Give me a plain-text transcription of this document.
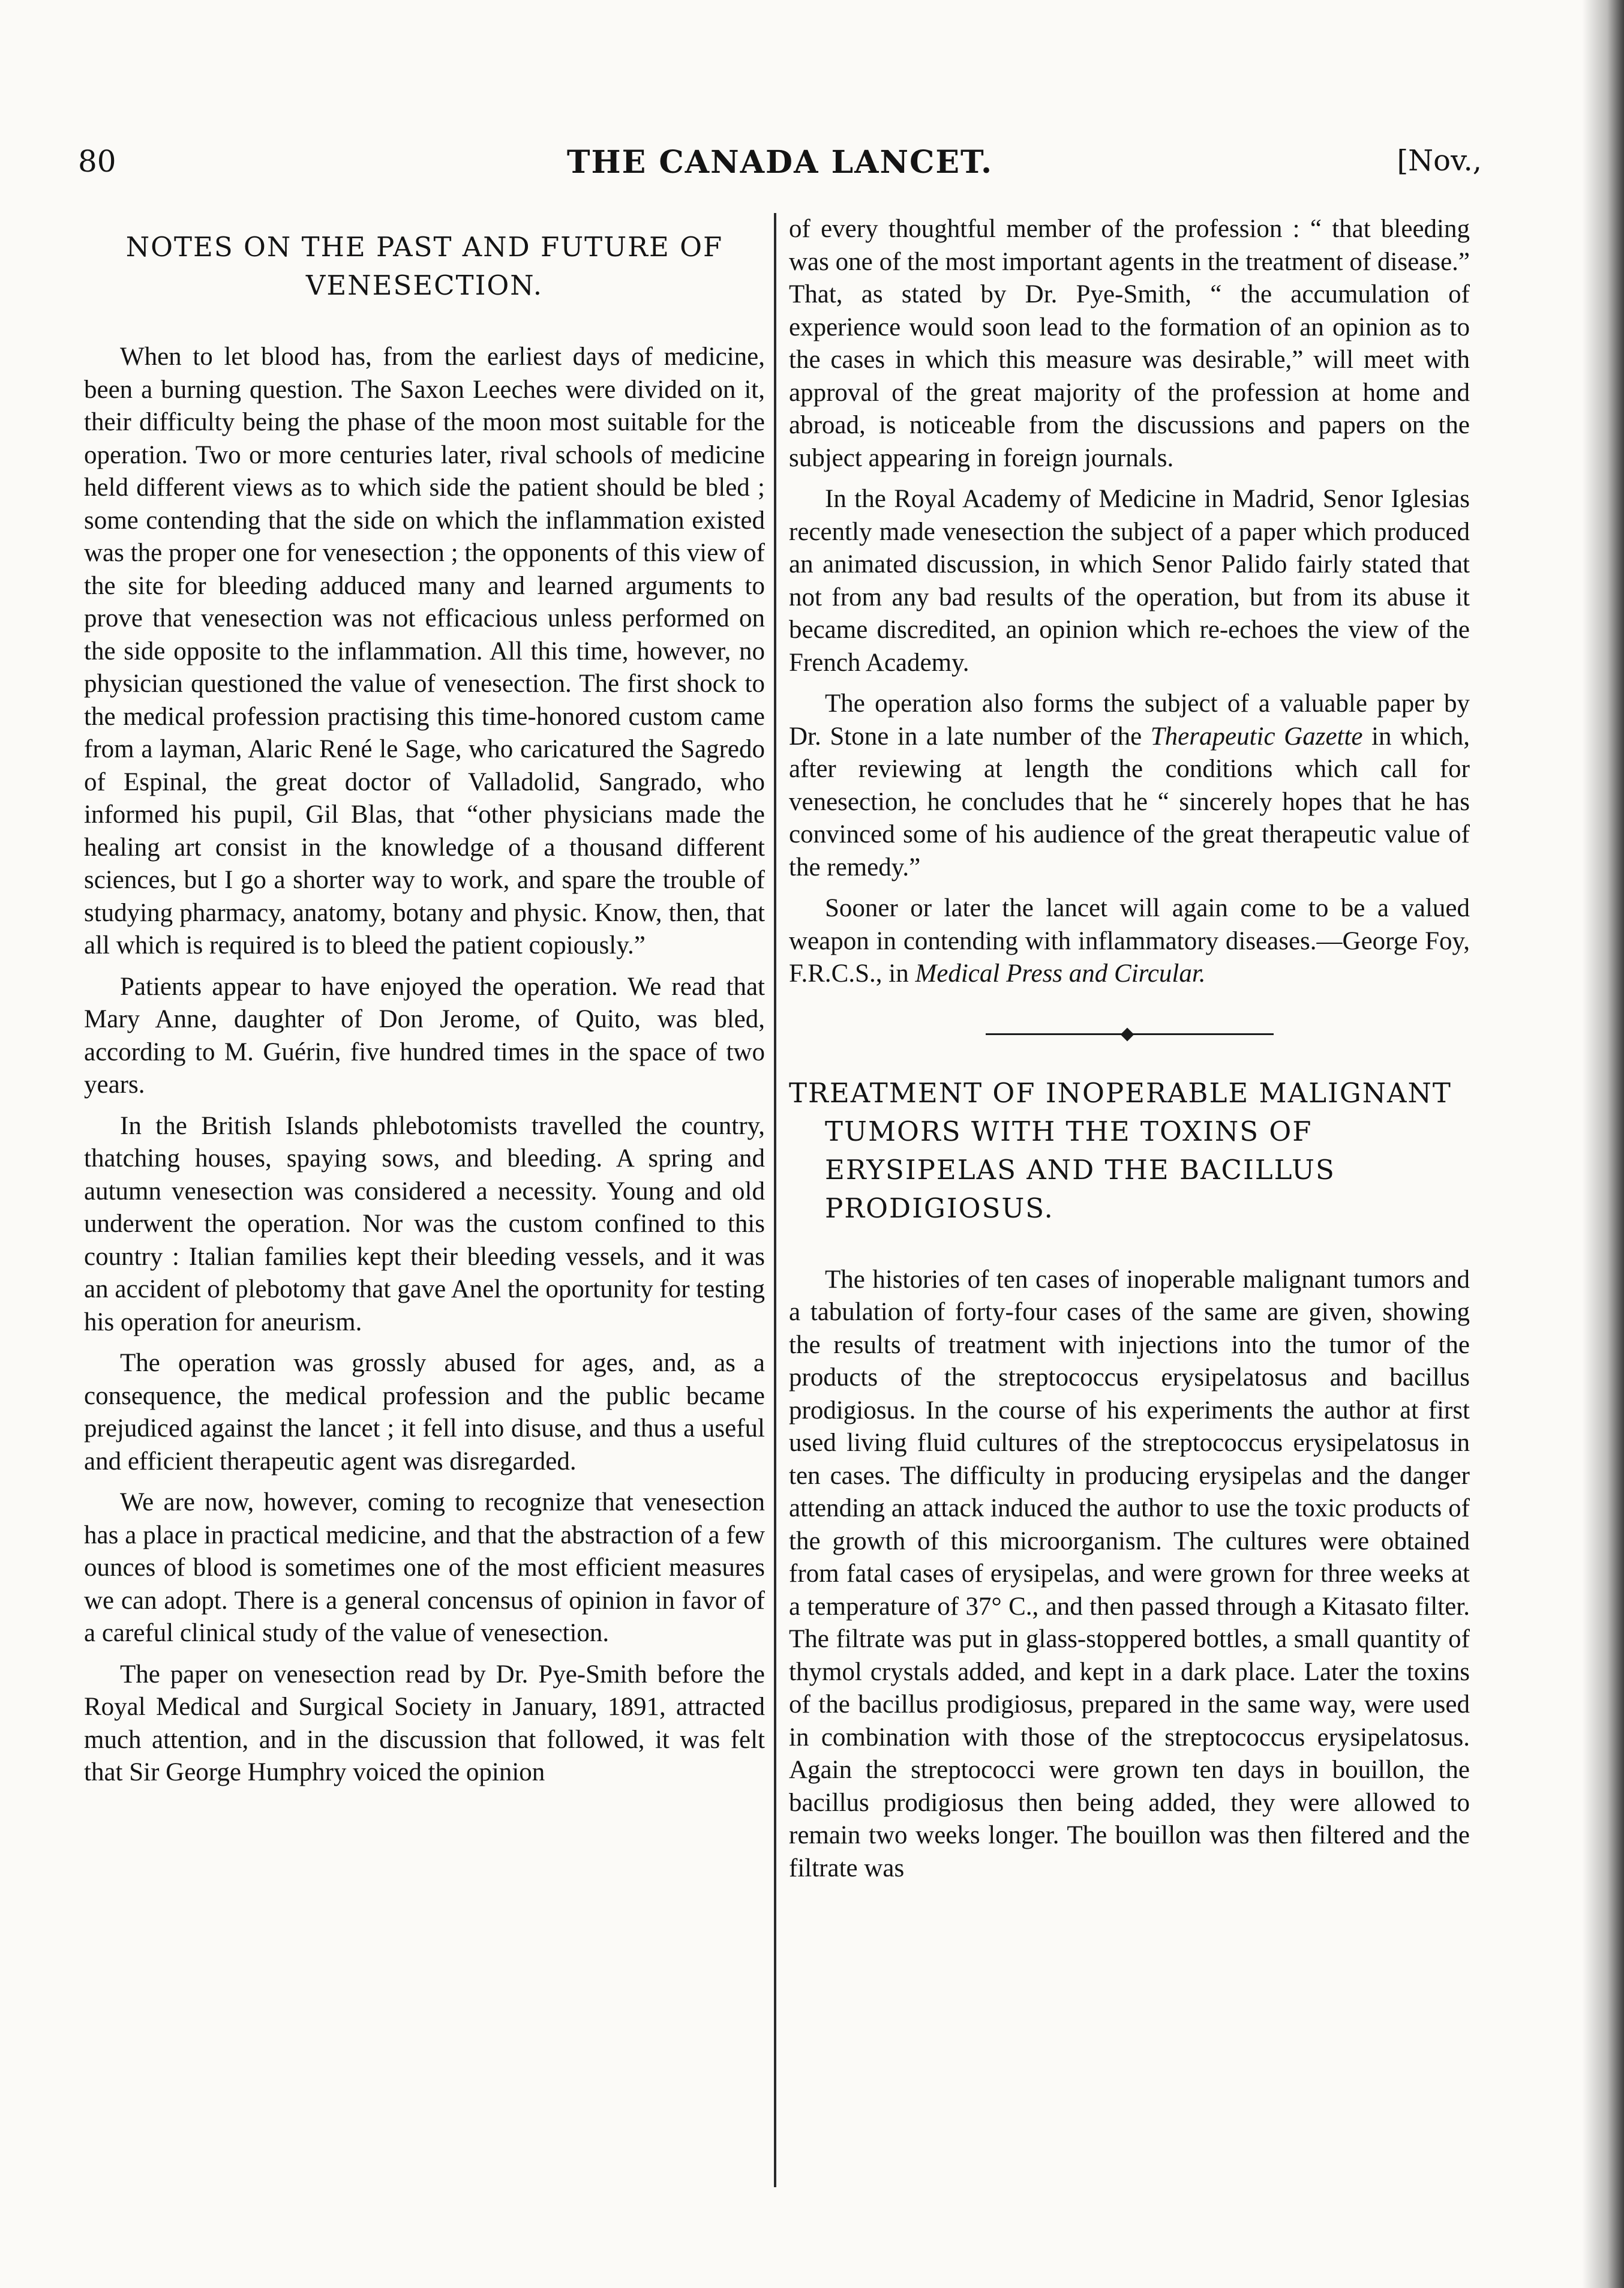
80	THE CANADA LANCET.	[Nov.,
NOTES ON THE PAST AND FUTURE OF VENESECTION.

When to let blood has, from the earliest days of medicine, been a burning question. The Saxon Leeches were divided on it, their difficulty being the phase of the moon most suitable for the operation. Two or more centuries later, rival schools of medicine held different views as to which side the patient should be bled ; some contending that the side on which the inflammation existed was the proper one for venesection ; the opponents of this view of the site for bleeding adduced many and learned arguments to prove that venesection was not efficacious unless performed on the side opposite to the inflammation. All this time, however, no physician questioned the value of venesection. The first shock to the medical profession practising this time-honored custom came from a layman, Alaric René le Sage, who caricatured the Sagredo of Espinal, the great doctor of Valladolid, Sangrado, who informed his pupil, Gil Blas, that “other physicians made the healing art consist in the knowledge of a thousand different sciences, but I go a shorter way to work, and spare the trouble of studying pharmacy, anatomy, botany and physic. Know, then, that all which is required is to bleed the patient copiously.”

Patients appear to have enjoyed the operation. We read that Mary Anne, daughter of Don Jerome, of Quito, was bled, according to M. Guérin, five hundred times in the space of two years.

In the British Islands phlebotomists travelled the country, thatching houses, spaying sows, and bleeding. A spring and autumn venesection was considered a necessity. Young and old underwent the operation. Nor was the custom confined to this country : Italian families kept their bleeding vessels, and it was an accident of plebotomy that gave Anel the oportunity for testing his operation for aneurism.

The operation was grossly abused for ages, and, as a consequence, the medical profession and the public became prejudiced against the lancet ; it fell into disuse, and thus a useful and efficient therapeutic agent was disregarded.

We are now, however, coming to recognize that venesection has a place in practical medicine, and that the abstraction of a few ounces of blood is sometimes one of the most efficient measures we can adopt. There is a general concensus of opinion in favor of a careful clinical study of the value of venesection.

The paper on venesection read by Dr. Pye-Smith before the Royal Medical and Surgical Society in January, 1891, attracted much attention, and in the discussion that followed, it was felt that Sir George Humphry voiced the opinion

of every thoughtful member of the profession : “ that bleeding was one of the most important agents in the treatment of disease.” That, as stated by Dr. Pye-Smith, “ the accumulation of experience would soon lead to the formation of an opinion as to the cases in which this measure was desirable,” will meet with approval of the great majority of the profession at home and abroad, is noticeable from the discussions and papers on the subject appearing in foreign journals.

In the Royal Academy of Medicine in Madrid, Senor Iglesias recently made venesection the subject of a paper which produced an animated discussion, in which Senor Palido fairly stated that not from any bad results of the operation, but from its abuse it became discredited, an opinion which re-echoes the view of the French Academy.

The operation also forms the subject of a valuable paper by Dr. Stone in a late number of the Therapeutic Gazette in which, after reviewing at length the conditions which call for venesection, he concludes that he “ sincerely hopes that he has convinced some of his audience of the great therapeutic value of the remedy.”

Sooner or later the lancet will again come to be a valued weapon in contending with inflammatory diseases.—George Foy, F.R.C.S., in Medical Press and Circular.

TREATMENT OF INOPERABLE MALIGNANT TUMORS WITH THE TOXINS OF ERYSIPELAS AND THE BACILLUS PRODIGIOSUS.

The histories of ten cases of inoperable malignant tumors and a tabulation of forty-four cases of the same are given, showing the results of treatment with injections into the tumor of the products of the streptococcus erysipelatosus and bacillus prodigiosus. In the course of his experiments the author at first used living fluid cultures of the streptococcus erysipelatosus in ten cases. The difficulty in producing erysipelas and the danger attending an attack induced the author to use the toxic products of the growth of this microorganism. The cultures were obtained from fatal cases of erysipelas, and were grown for three weeks at a temperature of 37° C., and then passed through a Kitasato filter. The filtrate was put in glass-stoppered bottles, a small quantity of thymol crystals added, and kept in a dark place. Later the toxins of the bacillus prodigiosus, prepared in the same way, were used in combination with those of the streptococcus erysipelatosus. Again the streptococci were grown ten days in bouillon, the bacillus prodigiosus then being added, they were allowed to remain two weeks longer. The bouillon was then filtered and the filtrate was
